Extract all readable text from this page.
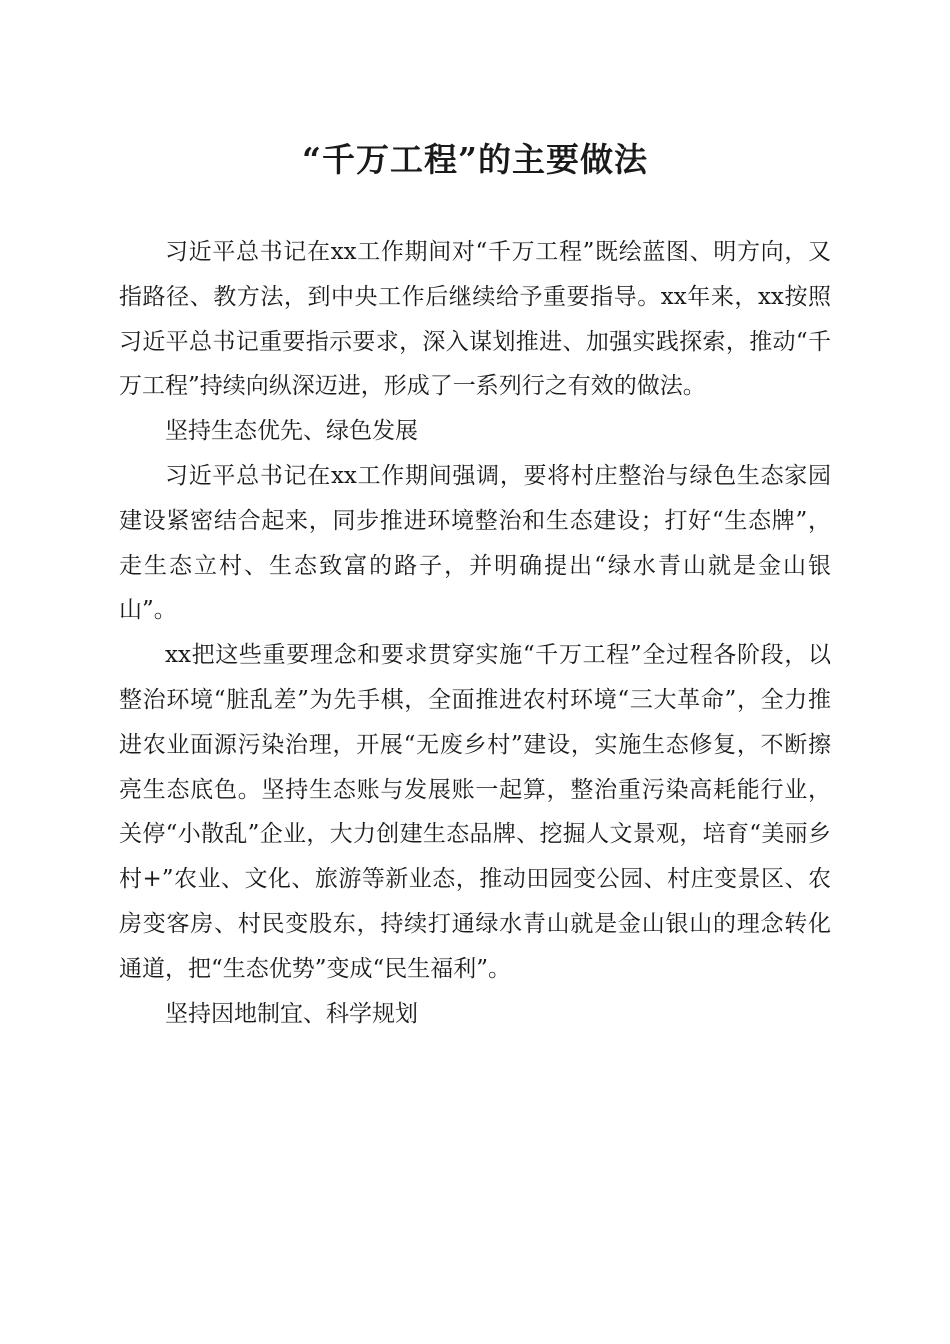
“千万工程”的主要做法

习近平总书记在xx工作期间对“千万工程”既绘蓝图、明方向，又指路径、教方法，到中央工作后继续给予重要指导。xx年来，xx按照习近平总书记重要指示要求，深入谋划推进、加强实践探索，推动“千万工程”持续向纵深迈进，形成了一系列行之有效的做法。

坚持生态优先、绿色发展

习近平总书记在xx工作期间强调，要将村庄整治与绿色生态家园建设紧密结合起来，同步推进环境整治和生态建设；打好“生态牌”，走生态立村、生态致富的路子，并明确提出“绿水青山就是金山银山”。

xx把这些重要理念和要求贯穿实施“千万工程”全过程各阶段，以整治环境“脏乱差”为先手棋，全面推进农村环境“三大革命”，全力推进农业面源污染治理，开展“无废乡村”建设，实施生态修复，不断擦亮生态底色。坚持生态账与发展账一起算，整治重污染高耗能行业，关停“小散乱”企业，大力创建生态品牌、挖掘人文景观，培育“美丽乡村+”农业、文化、旅游等新业态，推动田园变公园、村庄变景区、农房变客房、村民变股东，持续打通绿水青山就是金山银山的理念转化通道，把“生态优势”变成“民生福利”。

坚持因地制宜、科学规划
